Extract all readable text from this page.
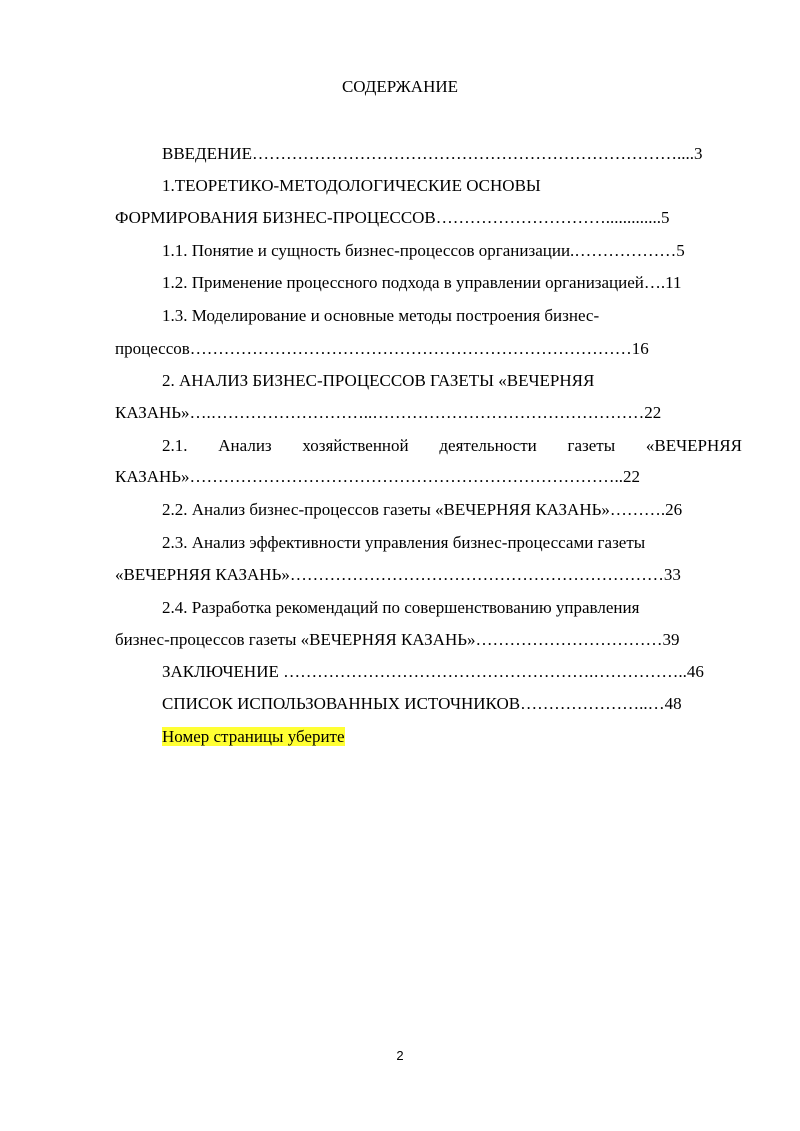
СОДЕРЖАНИЕ
ВВЕДЕНИЕ…………………………………………………………………....3
1.ТЕОРЕТИКО-МЕТОДОЛОГИЧЕСКИЕ ОСНОВЫ
ФОРМИРОВАНИЯ БИЗНЕС-ПРОЦЕССОВ………………………….............5
1.1. Понятие и сущность бизнес-процессов организации.………………5
1.2. Применение процессного подхода в управлении организацией….11
1.3. Моделирование и основные методы построения бизнес-
процессов……………………………………………………………………16
2. АНАЛИЗ БИЗНЕС-ПРОЦЕССОВ ГАЗЕТЫ «ВЕЧЕРНЯЯ
КАЗАНЬ»….………………………..…………………………………………22
2.1. Анализ хозяйственной деятельности газеты «ВЕЧЕРНЯЯ
КАЗАНЬ»…………………………………………………………………..22
2.2. Анализ бизнес-процессов газеты «ВЕЧЕРНЯЯ КАЗАНЬ»……….26
2.3. Анализ эффективности управления бизнес-процессами газеты
«ВЕЧЕРНЯЯ КАЗАНЬ»…………………………………………………………33
2.4. Разработка рекомендаций по совершенствованию управления
бизнес-процессов газеты «ВЕЧЕРНЯЯ КАЗАНЬ»……………………………39
ЗАКЛЮЧЕНИЕ ……………………………………………….……………..46
СПИСОК ИСПОЛЬЗОВАННЫХ ИСТОЧНИКОВ…………………..…48
Номер страницы уберите
2
